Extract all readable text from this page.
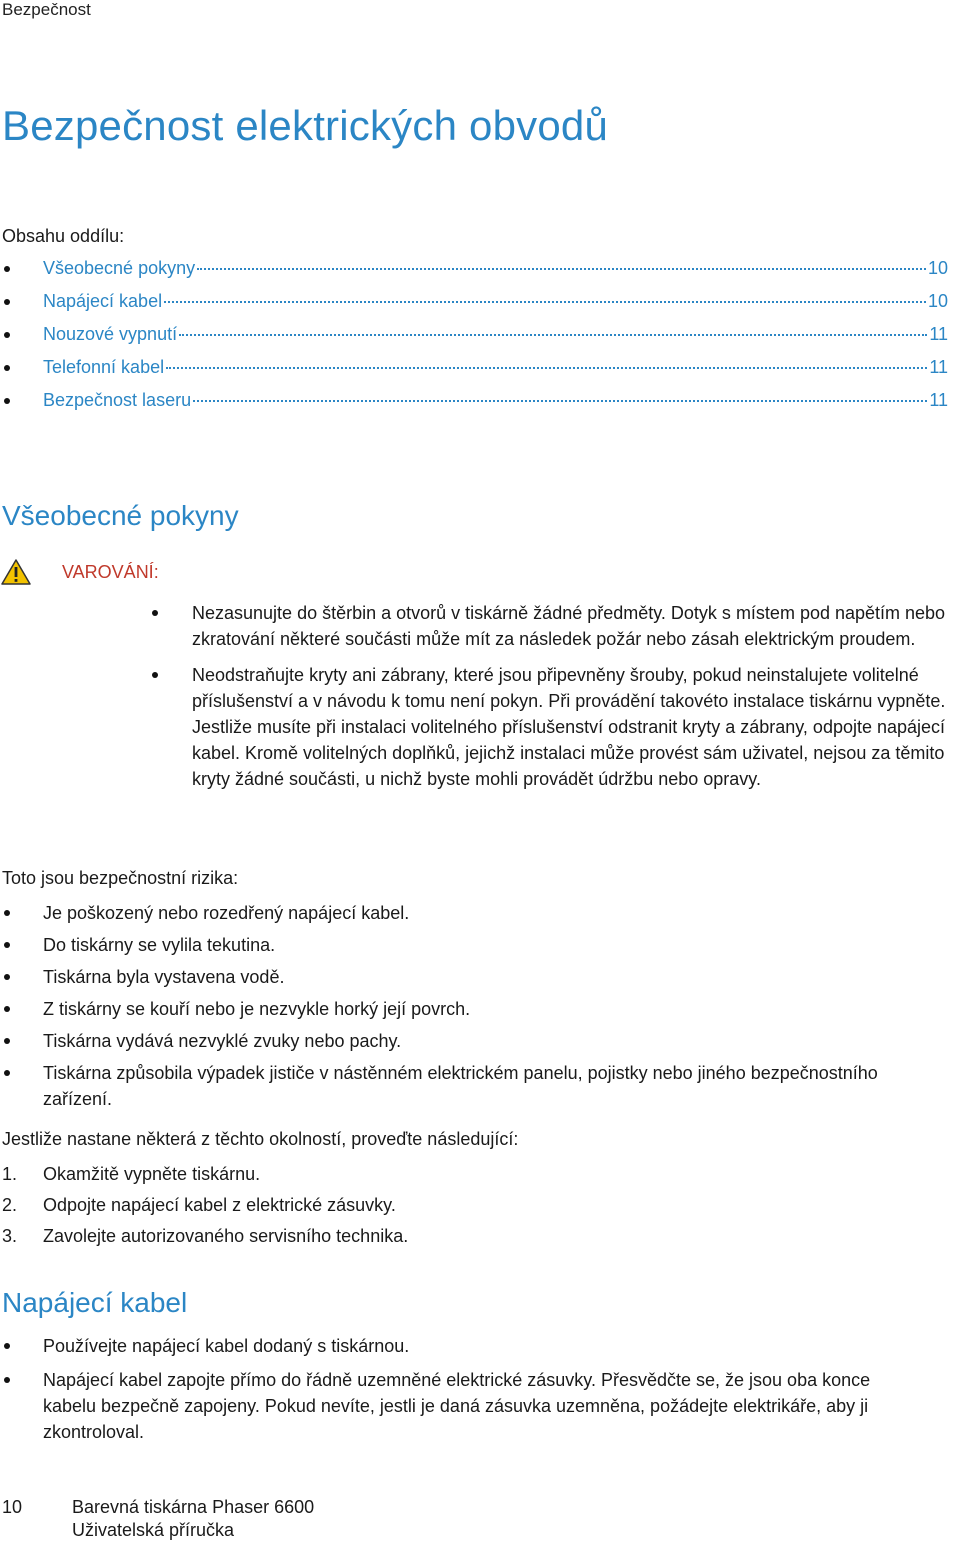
Bezpečnost
Bezpečnost elektrických obvodů
Obsahu oddílu:
Všeobecné pokyny	10
Napájecí kabel	10
Nouzové vypnutí	11
Telefonní kabel	11
Bezpečnost laseru	11
Všeobecné pokyny
VAROVÁNÍ:
Nezasunujte do štěrbin a otvorů v tiskárně žádné předměty. Dotyk s místem pod napětím nebo zkratování některé součásti může mít za následek požár nebo zásah elektrickým proudem.
Neodstraňujte kryty ani zábrany, které jsou připevněny šrouby, pokud neinstalujete volitelné příslušenství a v návodu k tomu není pokyn. Při provádění takovéto instalace tiskárnu vypněte. Jestliže musíte při instalaci volitelného příslušenství odstranit kryty a zábrany, odpojte napájecí kabel. Kromě volitelných doplňků, jejichž instalaci může provést sám uživatel, nejsou za těmito kryty žádné součásti, u nichž byste mohli provádět údržbu nebo opravy.
Toto jsou bezpečnostní rizika:
Je poškozený nebo rozedřený napájecí kabel.
Do tiskárny se vylila tekutina.
Tiskárna byla vystavena vodě.
Z tiskárny se kouří nebo je nezvykle horký její povrch.
Tiskárna vydává nezvyklé zvuky nebo pachy.
Tiskárna způsobila výpadek jističe v nástěnném elektrickém panelu, pojistky nebo jiného bezpečnostního zařízení.
Jestliže nastane některá z těchto okolností, proveďte následující:
1. Okamžitě vypněte tiskárnu.
2. Odpojte napájecí kabel z elektrické zásuvky.
3. Zavolejte autorizovaného servisního technika.
Napájecí kabel
Používejte napájecí kabel dodaný s tiskárnou.
Napájecí kabel zapojte přímo do řádně uzemněné elektrické zásuvky. Přesvědčte se, že jsou oba konce kabelu bezpečně zapojeny. Pokud nevíte, jestli je daná zásuvka uzemněna, požádejte elektrikáře, aby ji zkontroloval.
10	Barevná tiskárna Phaser 6600
Uživatelská příručka
